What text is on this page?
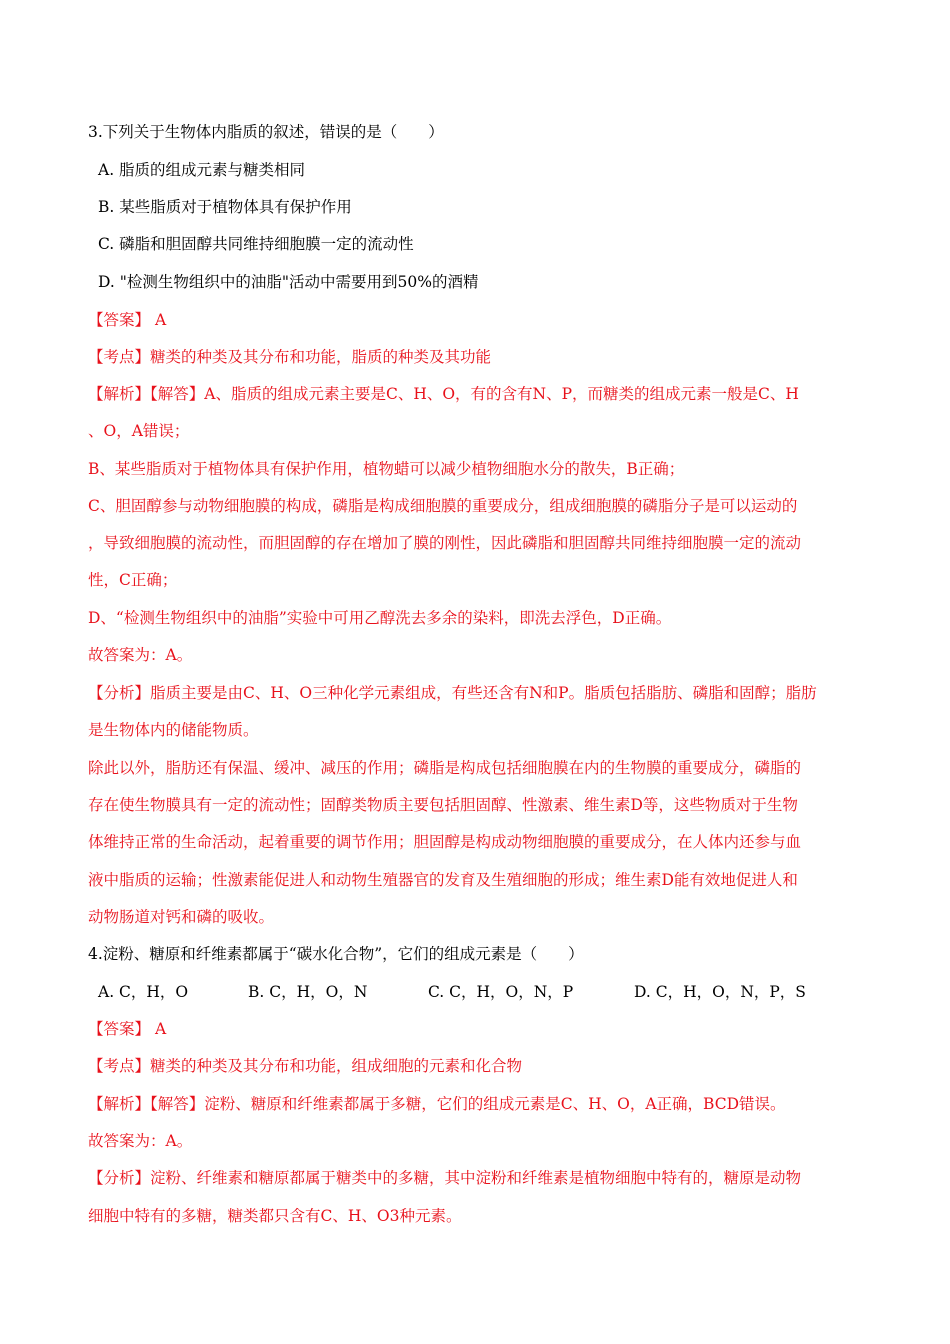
3.下列关于生物体内脂质的叙述，错误的是（　　）
A. 脂质的组成元素与糖类相同
B. 某些脂质对于植物体具有保护作用
C. 磷脂和胆固醇共同维持细胞膜一定的流动性
D. "检测生物组织中的油脂"活动中需要用到50%的酒精
【答案】 A
【考点】糖类的种类及其分布和功能，脂质的种类及其功能
【解析】【解答】A、脂质的组成元素主要是C、H、O，有的含有N、P，而糖类的组成元素一般是C、H
、O，A错误；
B、某些脂质对于植物体具有保护作用，植物蜡可以减少植物细胞水分的散失，B正确；
C、胆固醇参与动物细胞膜的构成，磷脂是构成细胞膜的重要成分，组成细胞膜的磷脂分子是可以运动的
，导致细胞膜的流动性，而胆固醇的存在增加了膜的刚性，因此磷脂和胆固醇共同维持细胞膜一定的流动
性，C正确；
D、“检测生物组织中的油脂”实验中可用乙醇洗去多余的染料，即洗去浮色，D正确。
故答案为：A。
【分析】脂质主要是由C、H、O三种化学元素组成，有些还含有N和P。脂质包括脂肪、磷脂和固醇；脂肪
是生物体内的储能物质。
除此以外，脂肪还有保温、缓冲、减压的作用；磷脂是构成包括细胞膜在内的生物膜的重要成分，磷脂的
存在使生物膜具有一定的流动性；固醇类物质主要包括胆固醇、性激素、维生素D等，这些物质对于生物
体维持正常的生命活动，起着重要的调节作用；胆固醇是构成动物细胞膜的重要成分，在人体内还参与血
液中脂质的运输；性激素能促进人和动物生殖器官的发育及生殖细胞的形成；维生素D能有效地促进人和
动物肠道对钙和磷的吸收。
4.淀粉、糖原和纤维素都属于“碳水化合物”，它们的组成元素是（　　）
A. C，H，O	B. C，H，O，N	C. C，H，O，N，P	D. C，H，O，N，P，S
【答案】 A
【考点】糖类的种类及其分布和功能，组成细胞的元素和化合物
【解析】【解答】淀粉、糖原和纤维素都属于多糖，它们的组成元素是C、H、O，A正确，BCD错误。
故答案为：A。
【分析】淀粉、纤维素和糖原都属于糖类中的多糖，其中淀粉和纤维素是植物细胞中特有的，糖原是动物
细胞中特有的多糖，糖类都只含有C、H、O3种元素。
